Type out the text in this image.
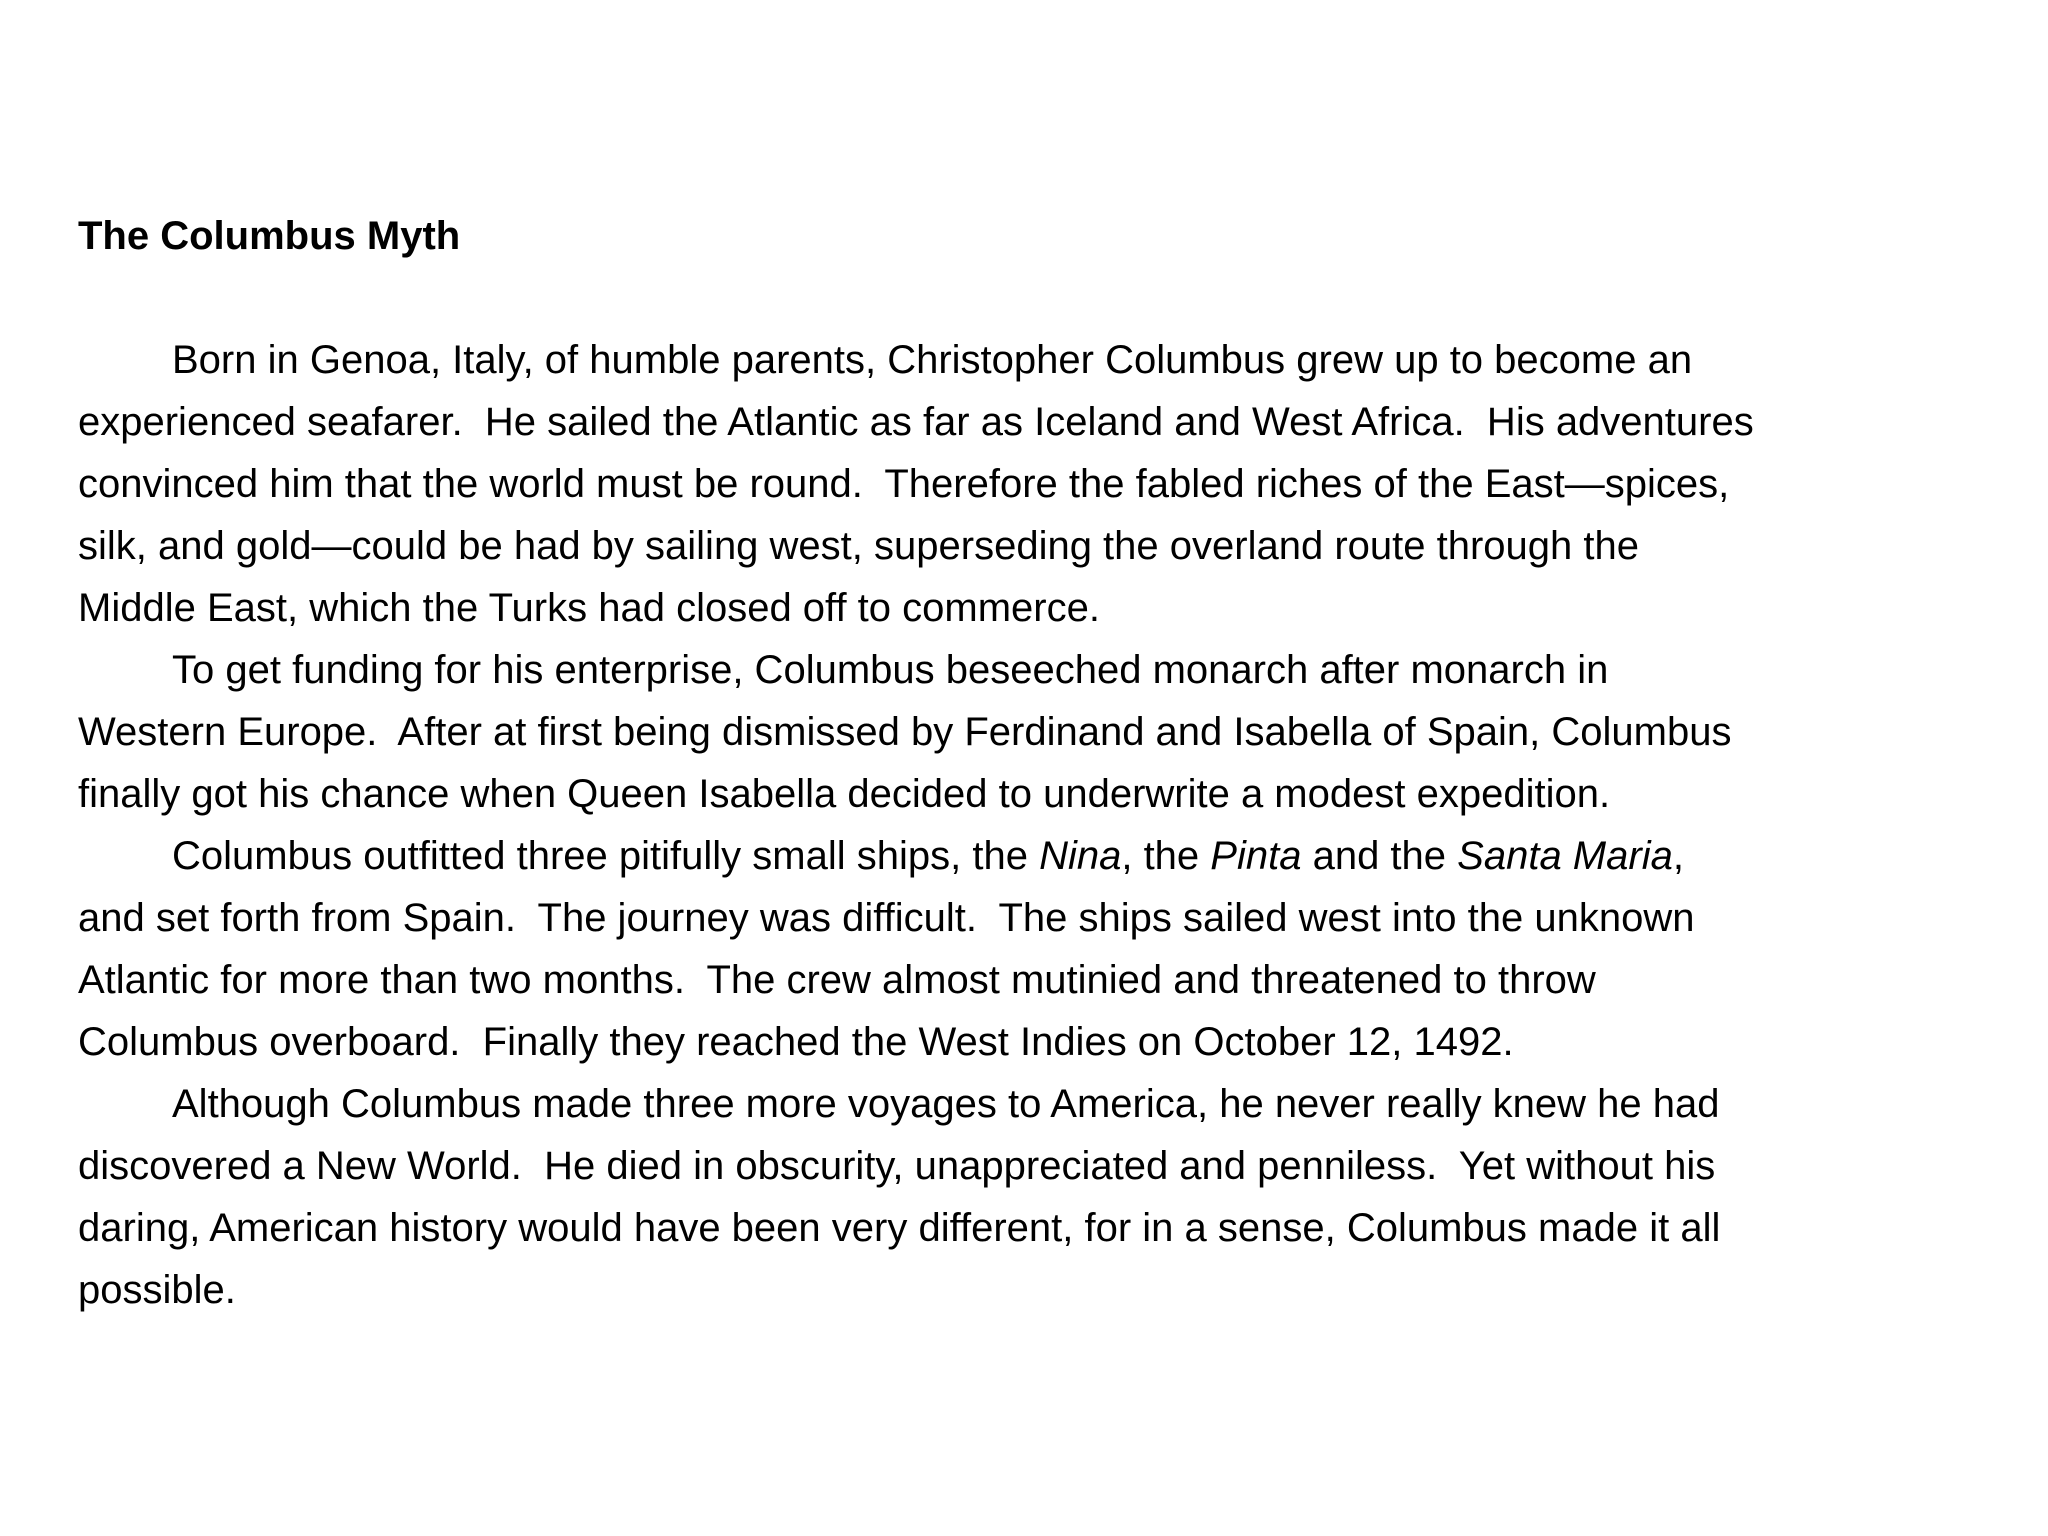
The Columbus Myth
Born in Genoa, Italy, of humble parents, Christopher Columbus grew up to become an
experienced seafarer.  He sailed the Atlantic as far as Iceland and West Africa.  His adventures
convinced him that the world must be round.  Therefore the fabled riches of the East—spices,
silk, and gold—could be had by sailing west, superseding the overland route through the
Middle East, which the Turks had closed off to commerce.
To get funding for his enterprise, Columbus beseeched monarch after monarch in
Western Europe.  After at first being dismissed by Ferdinand and Isabella of Spain, Columbus
finally got his chance when Queen Isabella decided to underwrite a modest expedition.
Columbus outfitted three pitifully small ships, the Nina, the Pinta and the Santa Maria,
and set forth from Spain.  The journey was difficult.  The ships sailed west into the unknown
Atlantic for more than two months.  The crew almost mutinied and threatened to throw
Columbus overboard.  Finally they reached the West Indies on October 12, 1492.
Although Columbus made three more voyages to America, he never really knew he had
discovered a New World.  He died in obscurity, unappreciated and penniless.  Yet without his
daring, American history would have been very different, for in a sense, Columbus made it all
possible.
